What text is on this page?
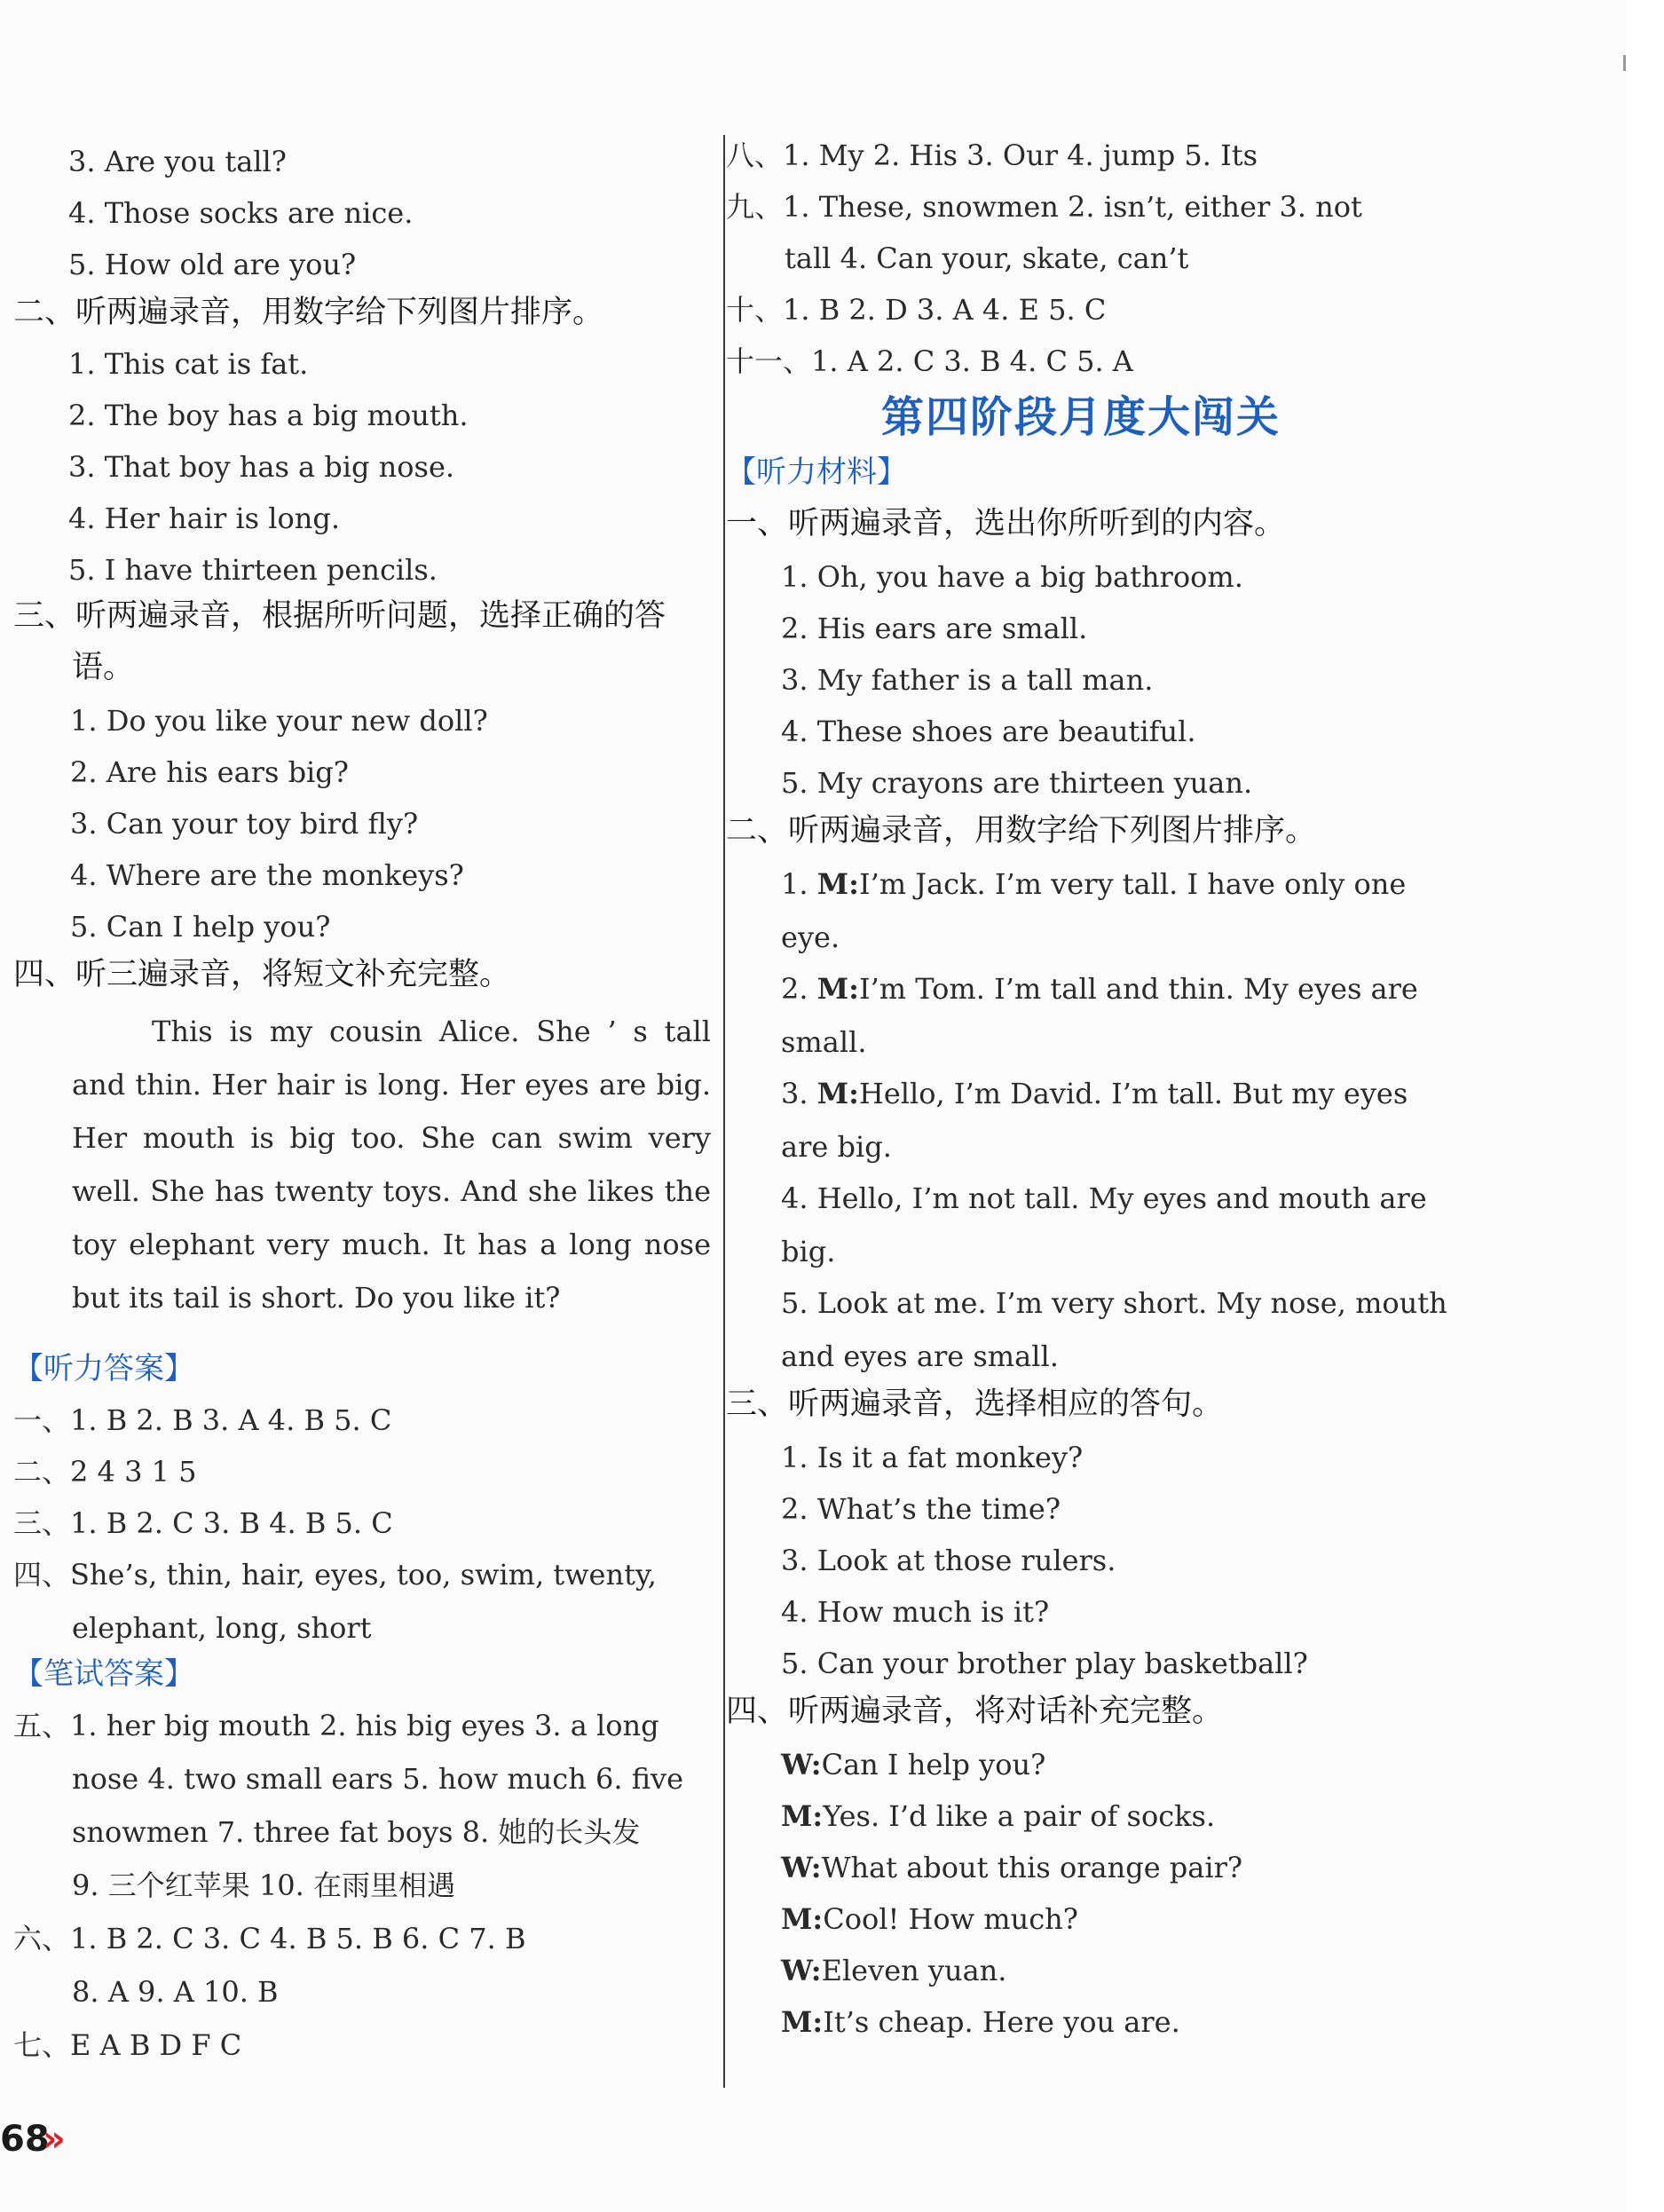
3. Are you tall?
4. Those socks are nice.
5. How old are you?
二、听两遍录音，用数字给下列图片排序。
1. This cat is fat.
2. The boy has a big mouth.
3. That boy has a big nose.
4. Her hair is long.
5. I have thirteen pencils.
三、听两遍录音，根据所听问题，选择正确的答
语。
1. Do you like your new doll?
2. Are his ears big?
3. Can your toy bird fly?
4. Where are the monkeys?
5. Can I help you?
四、听三遍录音，将短文补充完整。

This is my cousin Alice. She ’ s tall and thin. Her hair is long. Her eyes are big. Her mouth is big too. She can swim very well. She has twenty toys. And she likes the toy elephant very much. It has a long nose but its tail is short. Do you like it?

【听力答案】
一、1. B 2. B 3. A 4. B 5. C
二、2 4 3 1 5
三、1. B 2. C 3. B 4. B 5. C
四、She’s, thin, hair, eyes, too, swim, twenty,
elephant, long, short
【笔试答案】
五、1. her big mouth 2. his big eyes 3. a long
nose 4. two small ears 5. how much 6. five
snowmen 7. three fat boys 8. 她的长头发
9. 三个红苹果 10. 在雨里相遇
六、1. B 2. C 3. C 4. B 5. B 6. C 7. B
8. A 9. A 10. B
七、E A B D F C
八、1. My 2. His 3. Our 4. jump 5. Its
九、1. These, snowmen 2. isn’t, either 3. not
tall 4. Can your, skate, can’t
十、1. B 2. D 3. A 4. E 5. C
十一、1. A 2. C 3. B 4. C 5. A
第四阶段月度大闯关
【听力材料】
一、听两遍录音，选出你所听到的内容。
1. Oh, you have a big bathroom.
2. His ears are small.
3. My father is a tall man.
4. These shoes are beautiful.
5. My crayons are thirteen yuan.
二、听两遍录音，用数字给下列图片排序。
1. M:I’m Jack. I’m very tall. I have only one
eye.
2. M:I’m Tom. I’m tall and thin. My eyes are
small.
3. M:Hello, I’m David. I’m tall. But my eyes
are big.
4. Hello, I’m not tall. My eyes and mouth are
big.
5. Look at me. I’m very short. My nose, mouth
and eyes are small.
三、听两遍录音，选择相应的答句。
1. Is it a fat monkey?
2. What’s the time?
3. Look at those rulers.
4. How much is it?
5. Can your brother play basketball?
四、听两遍录音，将对话补充完整。
W:Can I help you?
M:Yes. I’d like a pair of socks.
W:What about this orange pair?
M:Cool! How much?
W:Eleven yuan.
M:It’s cheap. Here you are.
68
»
